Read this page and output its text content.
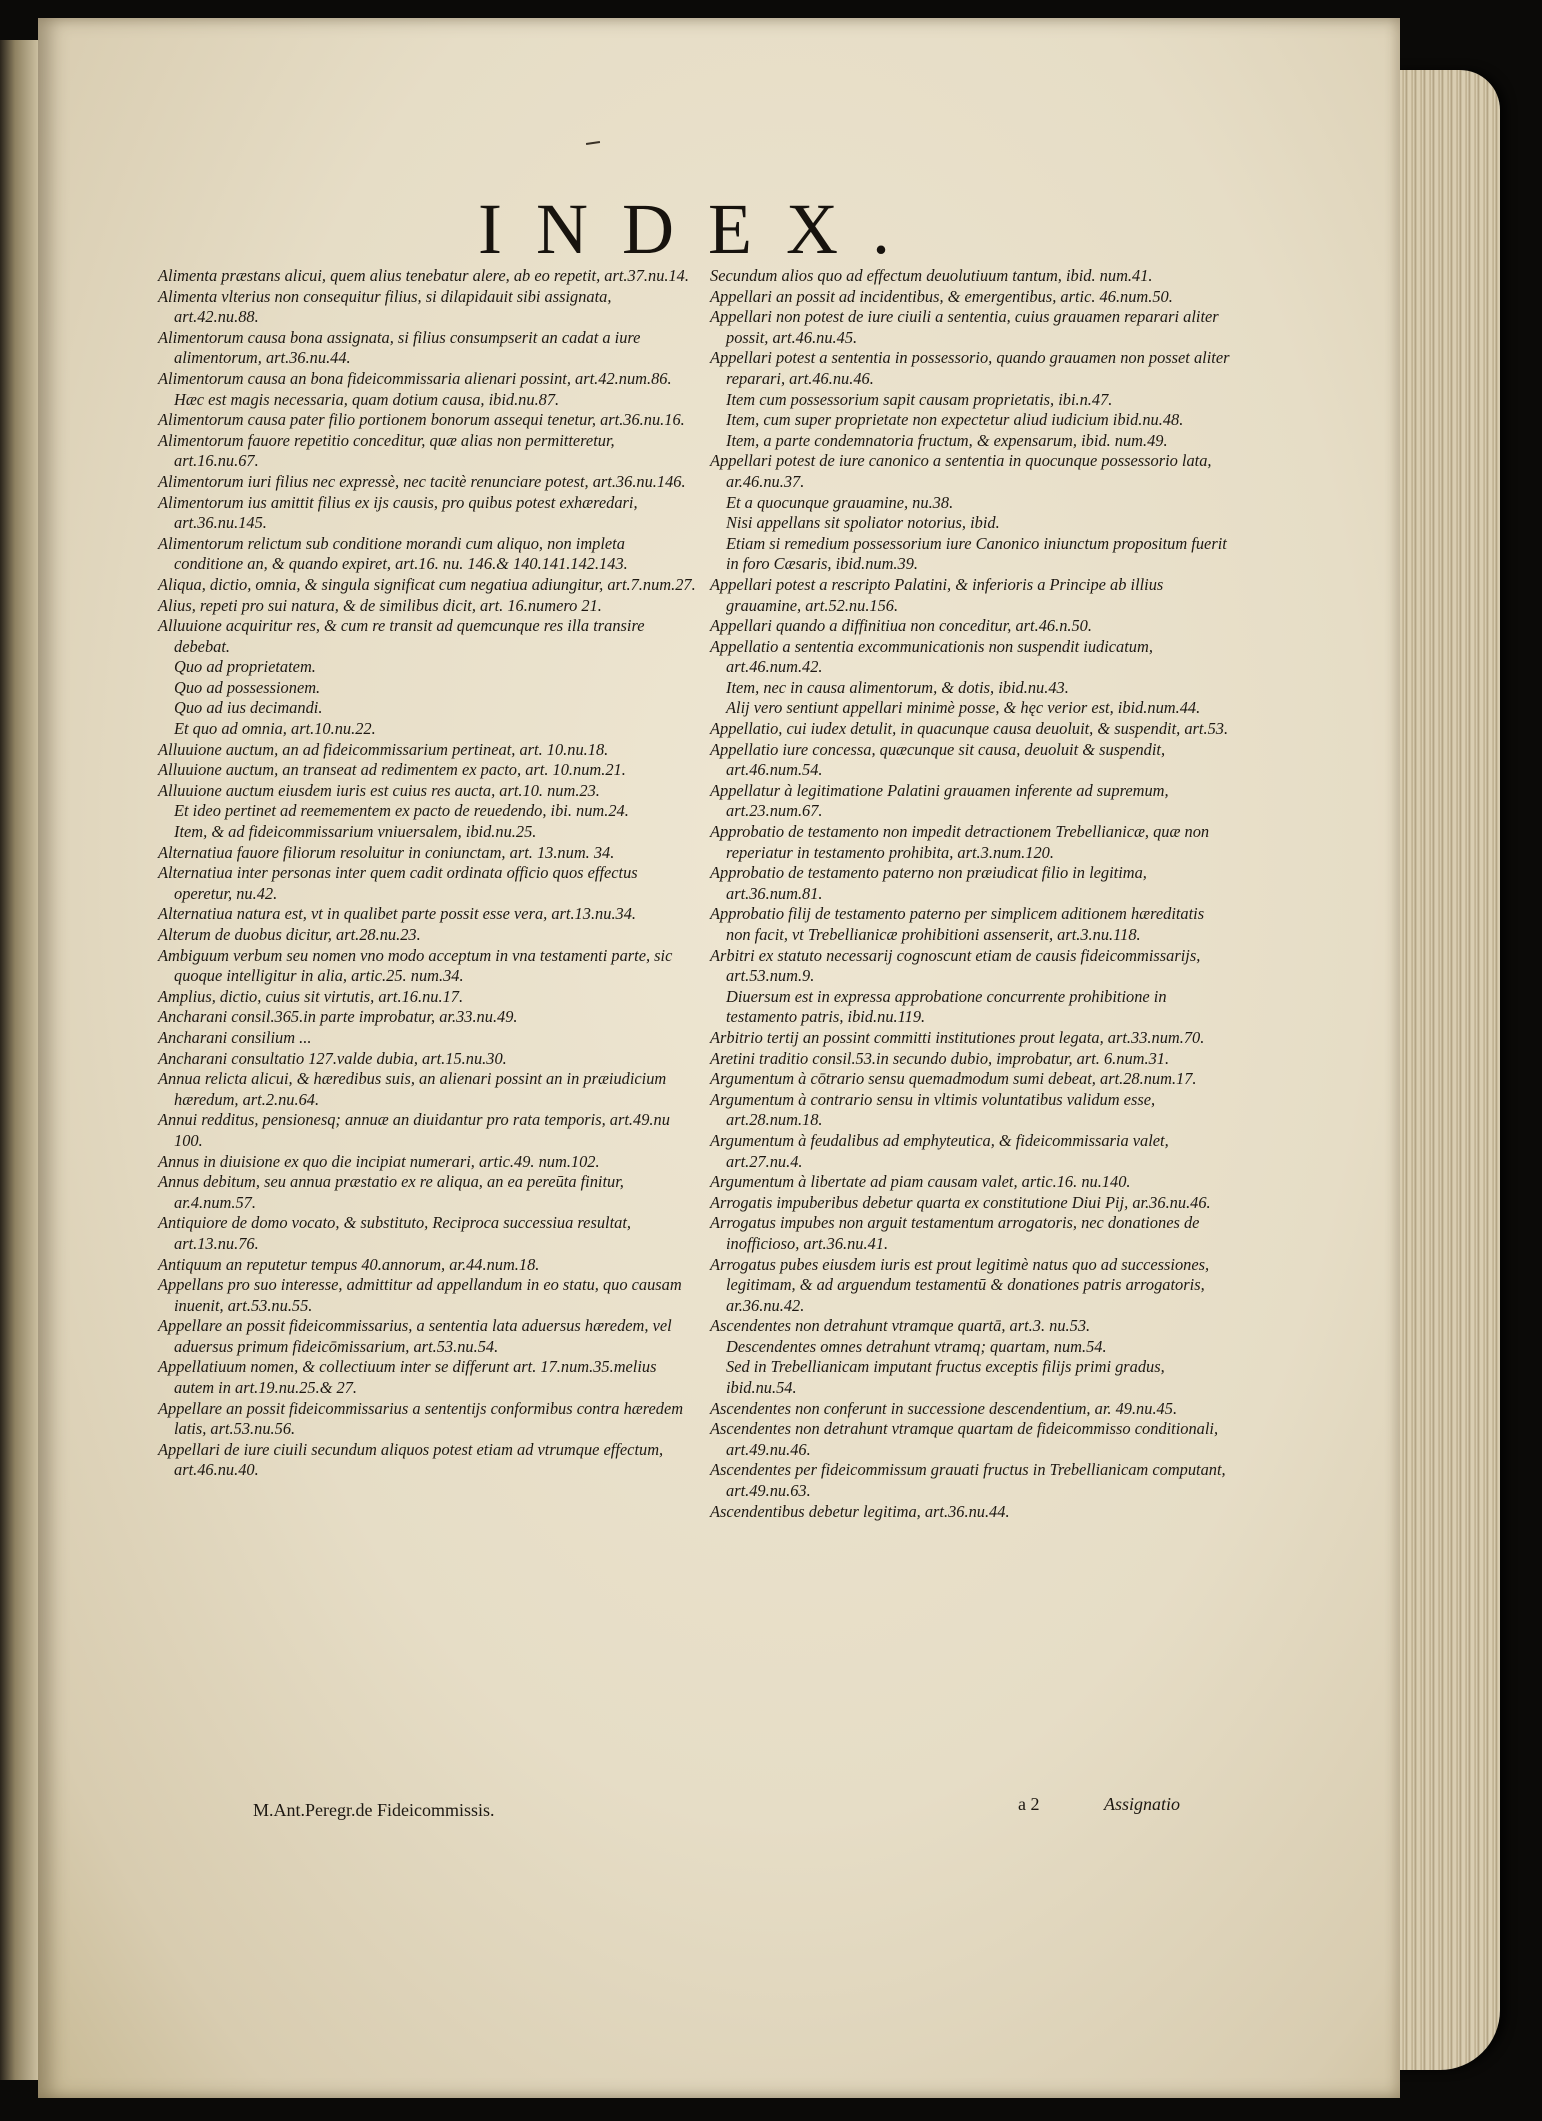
INDEX.

Alimenta præstans alicui, quem alius tenebatur alere, ab eo repetit, art.37.nu.14.

Alimenta vlterius non consequitur filius, si dilapidauit sibi assignata, art.42.nu.88.

Alimentorum causa bona assignata, si filius consumpserit an cadat a iure alimentorum, art.36.nu.44.

Alimentorum causa an bona fideicommissaria alienari possint, art.42.num.86.

Hæc est magis necessaria, quam dotium causa, ibid.nu.87.

Alimentorum causa pater filio portionem bonorum assequi tenetur, art.36.nu.16.

Alimentorum fauore repetitio conceditur, quæ alias non permitteretur, art.16.nu.67.

Alimentorum iuri filius nec expressè, nec tacitè renunciare potest, art.36.nu.146.

Alimentorum ius amittit filius ex ijs causis, pro quibus potest exhæredari, art.36.nu.145.

Alimentorum relictum sub conditione morandi cum aliquo, non impleta conditione an, & quando expiret, art.16. nu. 146.& 140.141.142.143.

Aliqua, dictio, omnia, & singula significat cum negatiua adiungitur, art.7.num.27.

Alius, repeti pro sui natura, & de similibus dicit, art. 16.numero 21.

Alluuione acquiritur res, & cum re transit ad quemcunque res illa transire debebat.

Quo ad proprietatem.

Quo ad possessionem.

Quo ad ius decimandi.

Et quo ad omnia, art.10.nu.22.

Alluuione auctum, an ad fideicommissarium pertineat, art. 10.nu.18.

Alluuione auctum, an transeat ad redimentem ex pacto, art. 10.num.21.

Alluuione auctum eiusdem iuris est cuius res aucta, art.10. num.23.

Et ideo pertinet ad reemementem ex pacto de reuedendo, ibi. num.24.

Item, & ad fideicommissarium vniuersalem, ibid.nu.25.

Alternatiua fauore filiorum resoluitur in coniunctam, art. 13.num. 34.

Alternatiua inter personas inter quem cadit ordinata officio quos effectus operetur, nu.42.

Alternatiua natura est, vt in qualibet parte possit esse vera, art.13.nu.34.

Alterum de duobus dicitur, art.28.nu.23.

Ambiguum verbum seu nomen vno modo acceptum in vna testamenti parte, sic quoque intelligitur in alia, artic.25. num.34.

Amplius, dictio, cuius sit virtutis, art.16.nu.17.

Ancharani consil.365.in parte improbatur, ar.33.nu.49.

Ancharani consilium ...

Ancharani consultatio 127.valde dubia, art.15.nu.30.

Annua relicta alicui, & hæredibus suis, an alienari possint an in præiudicium hæredum, art.2.nu.64.

Annui redditus, pensionesq; annuæ an diuidantur pro rata temporis, art.49.nu 100.

Annus in diuisione ex quo die incipiat numerari, artic.49. num.102.

Annus debitum, seu annua præstatio ex re aliqua, an ea pereūta finitur, ar.4.num.57.

Antiquiore de domo vocato, & substituto, Reciproca successiua resultat, art.13.nu.76.

Antiquum an reputetur tempus 40.annorum, ar.44.num.18.

Appellans pro suo interesse, admittitur ad appellandum in eo statu, quo causam inuenit, art.53.nu.55.

Appellare an possit fideicommissarius, a sententia lata aduersus hæredem, vel aduersus primum fideicōmissarium, art.53.nu.54.

Appellatiuum nomen, & collectiuum inter se differunt art. 17.num.35.melius autem in art.19.nu.25.& 27.

Appellare an possit fideicommissarius a sententijs conformibus contra hæredem latis, art.53.nu.56.

Appellari de iure ciuili secundum aliquos potest etiam ad vtrumque effectum, art.46.nu.40.

Secundum alios quo ad effectum deuolutiuum tantum, ibid. num.41.

Appellari an possit ad incidentibus, & emergentibus, artic. 46.num.50.

Appellari non potest de iure ciuili a sententia, cuius grauamen reparari aliter possit, art.46.nu.45.

Appellari potest a sententia in possessorio, quando grauamen non posset aliter reparari, art.46.nu.46.

Item cum possessorium sapit causam proprietatis, ibi.n.47.

Item, cum super proprietate non expectetur aliud iudicium ibid.nu.48.

Item, a parte condemnatoria fructum, & expensarum, ibid. num.49.

Appellari potest de iure canonico a sententia in quocunque possessorio lata, ar.46.nu.37.

Et a quocunque grauamine, nu.38.

Nisi appellans sit spoliator notorius, ibid.

Etiam si remedium possessorium iure Canonico iniunctum propositum fuerit in foro Cæsaris, ibid.num.39.

Appellari potest a rescripto Palatini, & inferioris a Principe ab illius grauamine, art.52.nu.156.

Appellari quando a diffinitiua non conceditur, art.46.n.50.

Appellatio a sententia excommunicationis non suspendit iudicatum, art.46.num.42.

Item, nec in causa alimentorum, & dotis, ibid.nu.43.

Alij vero sentiunt appellari minimè posse, & hęc verior est, ibid.num.44.

Appellatio, cui iudex detulit, in quacunque causa deuoluit, & suspendit, art.53.

Appellatio iure concessa, quæcunque sit causa, deuoluit & suspendit, art.46.num.54.

Appellatur à legitimatione Palatini grauamen inferente ad supremum, art.23.num.67.

Approbatio de testamento non impedit detractionem Trebellianicæ, quæ non reperiatur in testamento prohibita, art.3.num.120.

Approbatio de testamento paterno non præiudicat filio in legitima, art.36.num.81.

Approbatio filij de testamento paterno per simplicem aditionem hæreditatis non facit, vt Trebellianicæ prohibitioni assenserit, art.3.nu.118.

Arbitri ex statuto necessarij cognoscunt etiam de causis fideicommissarijs, art.53.num.9.

Diuersum est in expressa approbatione concurrente prohibitione in testamento patris, ibid.nu.119.

Arbitrio tertij an possint committi institutiones prout legata, art.33.num.70.

Aretini traditio consil.53.in secundo dubio, improbatur, art. 6.num.31.

Argumentum à cōtrario sensu quemadmodum sumi debeat, art.28.num.17.

Argumentum à contrario sensu in vltimis voluntatibus validum esse, art.28.num.18.

Argumentum à feudalibus ad emphyteutica, & fideicommissaria valet, art.27.nu.4.

Argumentum à libertate ad piam causam valet, artic.16. nu.140.

Arrogatis impuberibus debetur quarta ex constitutione Diui Pij, ar.36.nu.46.

Arrogatus impubes non arguit testamentum arrogatoris, nec donationes de inofficioso, art.36.nu.41.

Arrogatus pubes eiusdem iuris est prout legitimè natus quo ad successiones, legitimam, & ad arguendum testamentū & donationes patris arrogatoris, ar.36.nu.42.

Ascendentes non detrahunt vtramque quartā, art.3. nu.53.

Descendentes omnes detrahunt vtramq; quartam, num.54.

Sed in Trebellianicam imputant fructus exceptis filijs primi gradus, ibid.nu.54.

Ascendentes non conferunt in successione descendentium, ar. 49.nu.45.

Ascendentes non detrahunt vtramque quartam de fideicommisso conditionali, art.49.nu.46.

Ascendentes per fideicommissum grauati fructus in Trebellianicam computant, art.49.nu.63.

Ascendentibus debetur legitima, art.36.nu.44.

M.Ant.Peregr.de Fideicommissis.	a 2	Assignatio
